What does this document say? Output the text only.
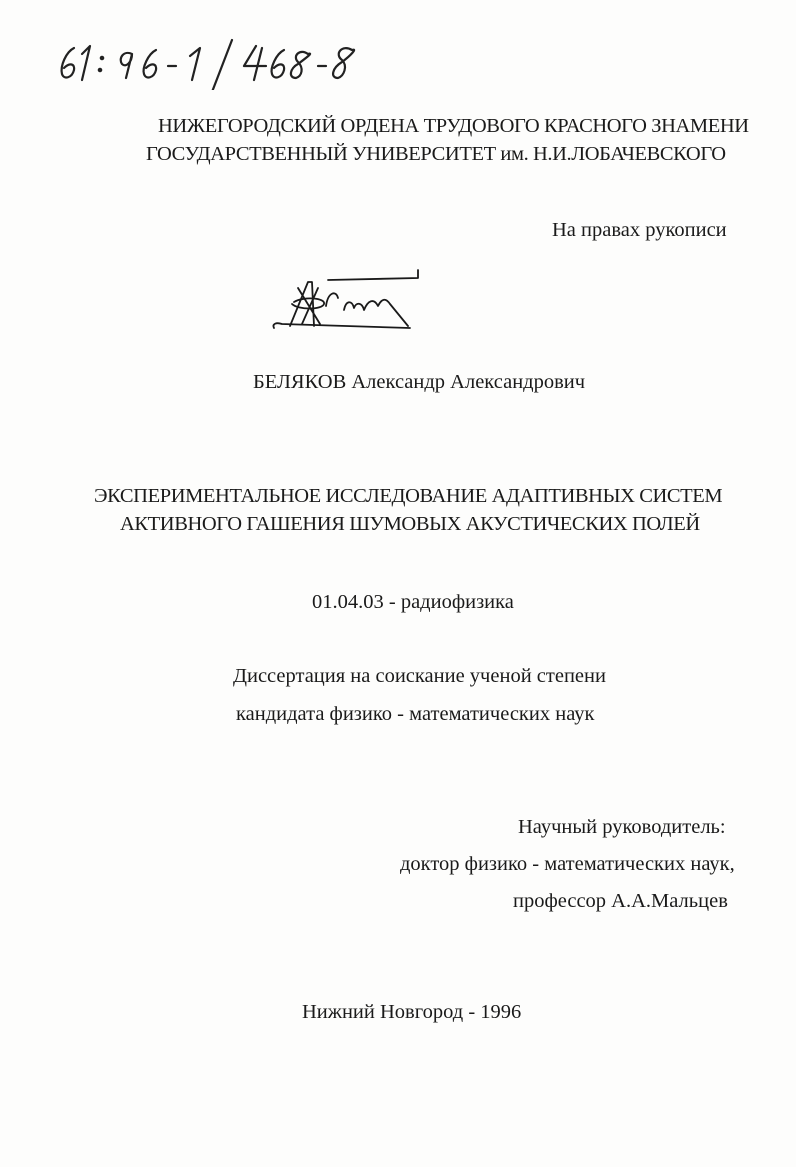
НИЖЕГОРОДСКИЙ ОРДЕНА ТРУДОВОГО КРАСНОГО ЗНАМЕНИ
ГОСУДАРСТВЕННЫЙ УНИВЕРСИТЕТ им. Н.И.ЛОБАЧЕВСКОГО
На правах рукописи
БЕЛЯКОВ Александр Александрович
ЭКСПЕРИМЕНТАЛЬНОЕ ИССЛЕДОВАНИЕ АДАПТИВНЫХ СИСТЕМ
АКТИВНОГО ГАШЕНИЯ ШУМОВЫХ АКУСТИЧЕСКИХ ПОЛЕЙ
01.04.03 - радиофизика
Диссертация на соискание ученой степени
кандидата физико - математических наук
Научный руководитель:
доктор физико - математических наук,
профессор А.А.Мальцев
Нижний Новгород - 1996
